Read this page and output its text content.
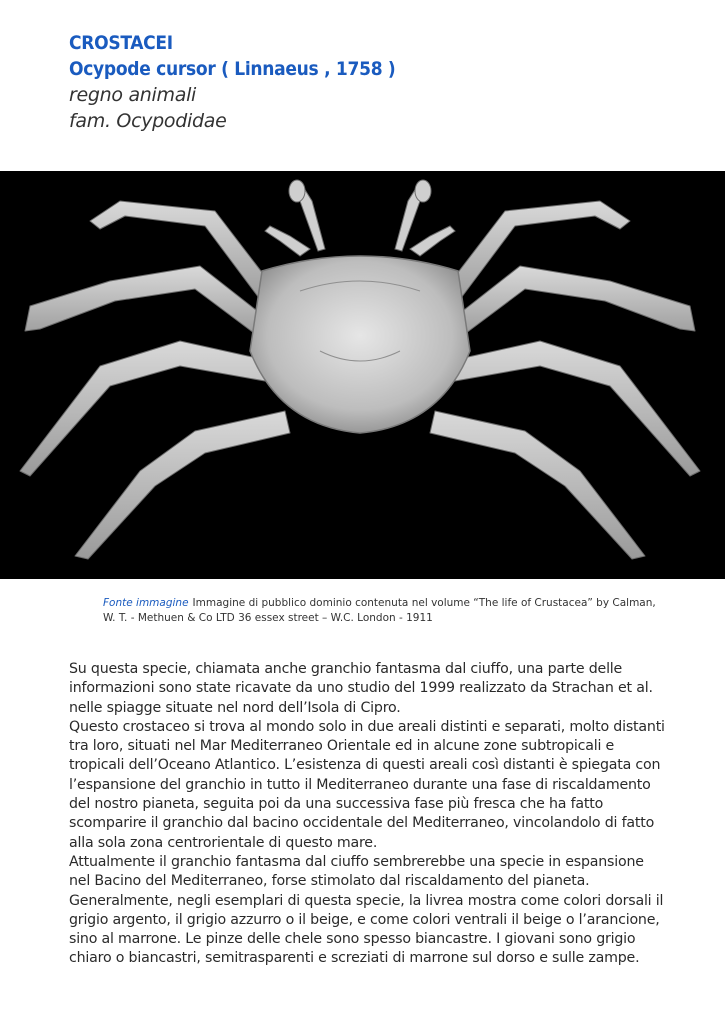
CROSTACEI
Ocypode cursor ( Linnaeus , 1758 )
regno animali
fam. Ocypodidae
Fonte immagine Immagine di pubblico dominio contenuta nel volume “The life of Crustacea” by Calman, W. T. - Methuen & Co LTD 36 essex street – W.C. London - 1911

Su questa specie, chiamata anche granchio fantasma dal ciuffo, una parte delle informazioni sono state ricavate da uno studio del 1999 realizzato da Strachan et al. nelle spiagge situate nel nord dell’Isola di Cipro.

Questo crostaceo si trova al mondo solo in due areali distinti e separati, molto distanti tra loro, situati nel Mar Mediterraneo Orientale ed in alcune zone subtropicali e tropicali dell’Oceano Atlantico. L’esistenza di questi areali così distanti è spiegata con l’espansione del granchio in tutto il Mediterraneo durante una fase di riscaldamento del nostro pianeta, seguita poi da una successiva fase più fresca che ha fatto scomparire il granchio dal bacino occidentale del Mediterraneo, vincolandolo di fatto alla sola zona centrorientale di questo mare.

Attualmente il granchio fantasma dal ciuffo sembrerebbe una specie in espansione nel Bacino del Mediterraneo, forse stimolato dal riscaldamento del pianeta.

Generalmente, negli esemplari di questa specie, la livrea mostra come colori dorsali il grigio argento, il grigio azzurro o il beige, e come colori ventrali il beige o l’arancione, sino al marrone. Le pinze delle chele sono spesso biancastre. I giovani sono grigio chiaro o biancastri, semitrasparenti e screziati di marrone sul dorso e sulle zampe.
